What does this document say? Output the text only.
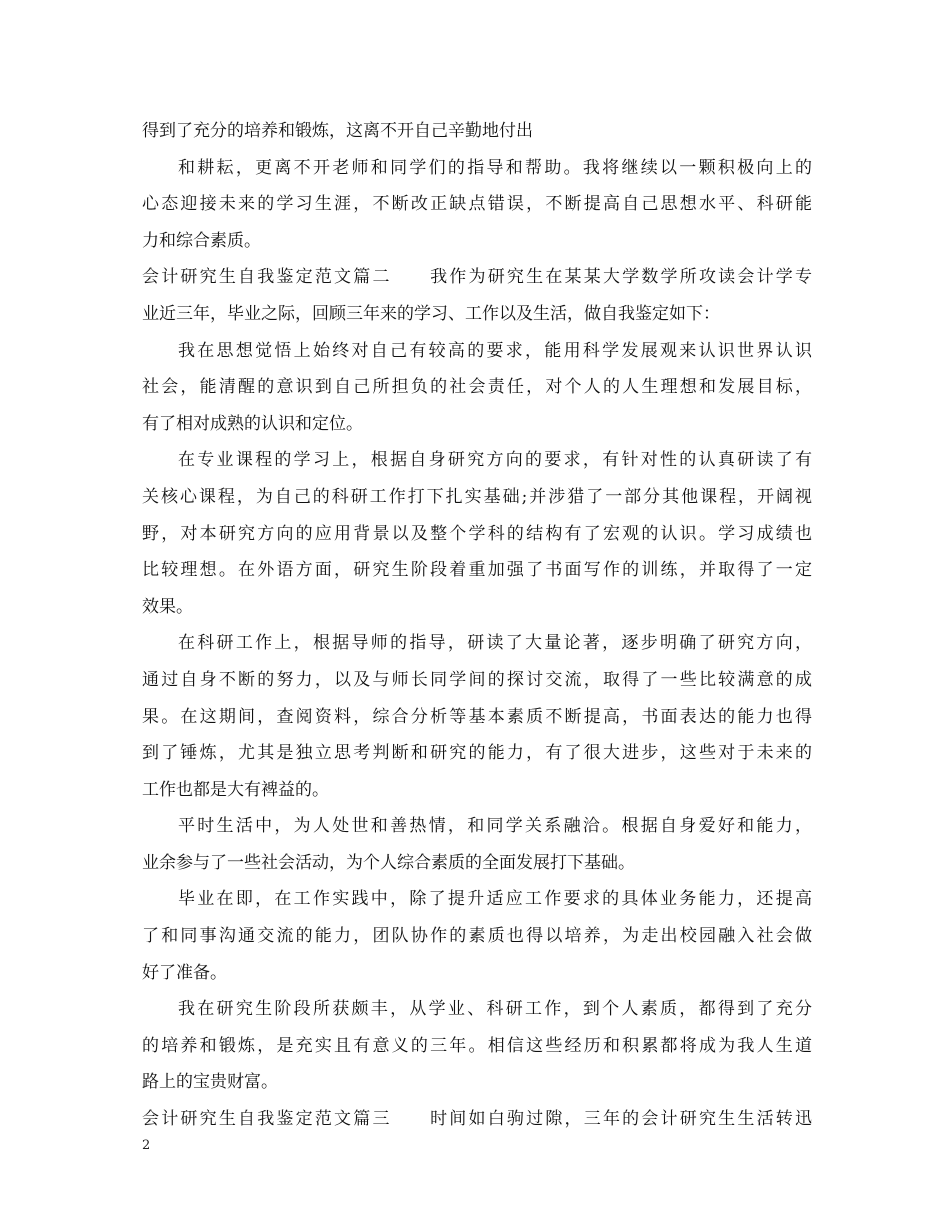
得到了充分的培养和锻炼，这离不开自己辛勤地付出
和耕耘，更离不开老师和同学们的指导和帮助。我将继续以一颗积极向上的
心态迎接未来的学习生涯，不断改正缺点错误，不断提高自己思想水平、科研能
力和综合素质。
会计研究生自我鉴定范文篇二　　我作为研究生在某某大学数学所攻读会计学专
业近三年，毕业之际，回顾三年来的学习、工作以及生活，做自我鉴定如下：
我在思想觉悟上始终对自己有较高的要求，能用科学发展观来认识世界认识
社会，能清醒的意识到自己所担负的社会责任，对个人的人生理想和发展目标，
有了相对成熟的认识和定位。
在专业课程的学习上，根据自身研究方向的要求，有针对性的认真研读了有
关核心课程，为自己的科研工作打下扎实基础;并涉猎了一部分其他课程，开阔视
野，对本研究方向的应用背景以及整个学科的结构有了宏观的认识。学习成绩也
比较理想。在外语方面，研究生阶段着重加强了书面写作的训练，并取得了一定
效果。
在科研工作上，根据导师的指导，研读了大量论著，逐步明确了研究方向，
通过自身不断的努力，以及与师长同学间的探讨交流，取得了一些比较满意的成
果。在这期间，查阅资料，综合分析等基本素质不断提高，书面表达的能力也得
到了锤炼，尤其是独立思考判断和研究的能力，有了很大进步，这些对于未来的
工作也都是大有裨益的。
平时生活中，为人处世和善热情，和同学关系融洽。根据自身爱好和能力，
业余参与了一些社会活动，为个人综合素质的全面发展打下基础。
毕业在即，在工作实践中，除了提升适应工作要求的具体业务能力，还提高
了和同事沟通交流的能力，团队协作的素质也得以培养，为走出校园融入社会做
好了准备。
我在研究生阶段所获颇丰，从学业、科研工作，到个人素质，都得到了充分
的培养和锻炼，是充实且有意义的三年。相信这些经历和积累都将成为我人生道
路上的宝贵财富。
会计研究生自我鉴定范文篇三　　时间如白驹过隙，三年的会计研究生生活转迅
2
